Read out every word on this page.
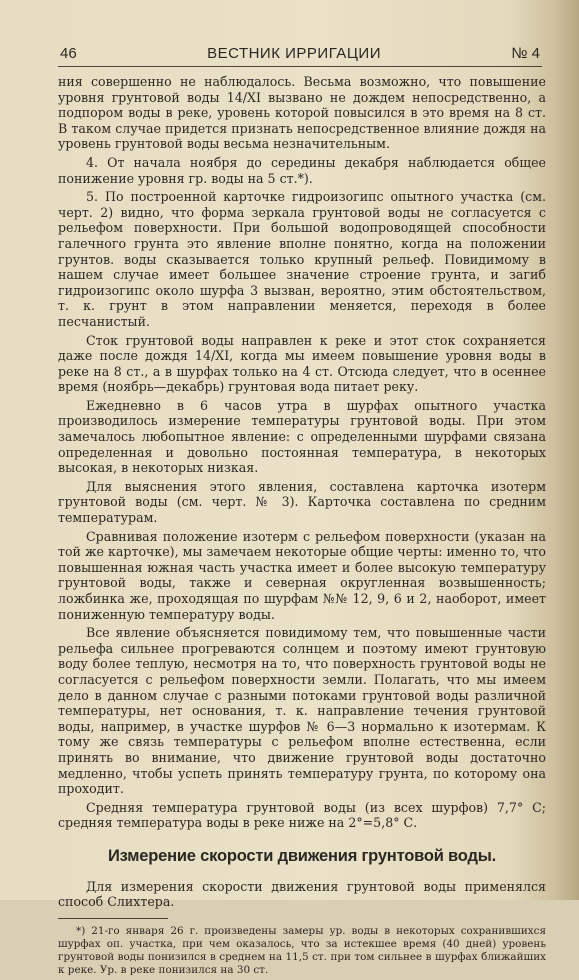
46	ВЕСТНИК ИРРИГАЦИИ	№ 4

ния совершенно не наблюдалось. Весьма возможно, что повышение уровня грунтовой воды 14/XI вызвано не дождем непосредственно, а подпором воды в реке, уровень которой повысился в это время на 8 ст. В таком случае придется признать непосредственное влияние дождя на уровень грунтовой воды весьма незначительным.

4. От начала ноября до середины декабря наблюдается общее понижение уровня гр. воды на 5 ст.*).

5. По построенной карточке гидроизогипс опытного участка (см. черт. 2) видно, что форма зеркала грунтовой воды не согласуется с рельефом поверхности. При большой водопроводящей способности галечного грунта это явление вполне понятно, когда на положении грунтов. воды сказывается только крупный рельеф. Повидимому в нашем случае имеет большее значение строение грунта, и загиб гидроизогипс около шурфа 3 вызван, вероятно, этим обстоятельством, т. к. грунт в этом направлении меняется, переходя в более песчанистый.

Сток грунтовой воды направлен к реке и этот сток сохраняется даже после дождя 14/XI, когда мы имеем повышение уровня воды в реке на 8 ст., а в шурфах только на 4 ст. Отсюда следует, что в осеннее время (ноябрь—декабрь) грунтовая вода питает реку.

Ежедневно в 6 часов утра в шурфах опытного участка производилось измерение температуры грунтовой воды. При этом замечалось любопытное явление: с определенными шурфами связана определенная и довольно постоянная температура, в некоторых высокая, в некоторых низкая.

Для выяснения этого явления, составлена карточка изотерм грунтовой воды (см. черт. № 3). Карточка составлена по средним температурам.

Сравнивая положение изотерм с рельефом поверхности (указан на той же карточке), мы замечаем некоторые общие черты: именно то, что повышенная южная часть участка имеет и более высокую температуру грунтовой воды, также и северная округленная возвышенность; ложбинка же, проходящая по шурфам №№ 12, 9, 6 и 2, наоборот, имеет пониженную температуру воды.

Все явление объясняется повидимому тем, что повышенные части рельефа сильнее прогреваются солнцем и поэтому имеют грунтовую воду более теплую, несмотря на то, что поверхность грунтовой воды не согласуется с рельефом поверхности земли. Полагать, что мы имеем дело в данном случае с разными потоками грунтовой воды различной температуры, нет основания, т. к. направление течения грунтовой воды, например, в участке шурфов № 6—3 нормально к изотермам. К тому же связь температуры с рельефом вполне естественна, если принять во внимание, что движение грунтовой воды достаточно медленно, чтобы успеть принять температуру грунта, по которому она проходит.

Средняя температура грунтовой воды (из всех шурфов) 7,7° С; средняя температура воды в реке ниже на 2°=5,8° С.

Измерение скорости движения грунтовой воды.

Для измерения скорости движения грунтовой воды применялся способ Слихтера.

*) 21-го января 26 г. произведены замеры ур. воды в некоторых сохранившихся шурфах оп. участка, при чем оказалось, что за истекшее время (40 дней) уровень грунтовой воды понизился в среднем на 11,5 ст. при том сильнее в шурфах ближайших к реке. Ур. в реке понизился на 30 ст.
